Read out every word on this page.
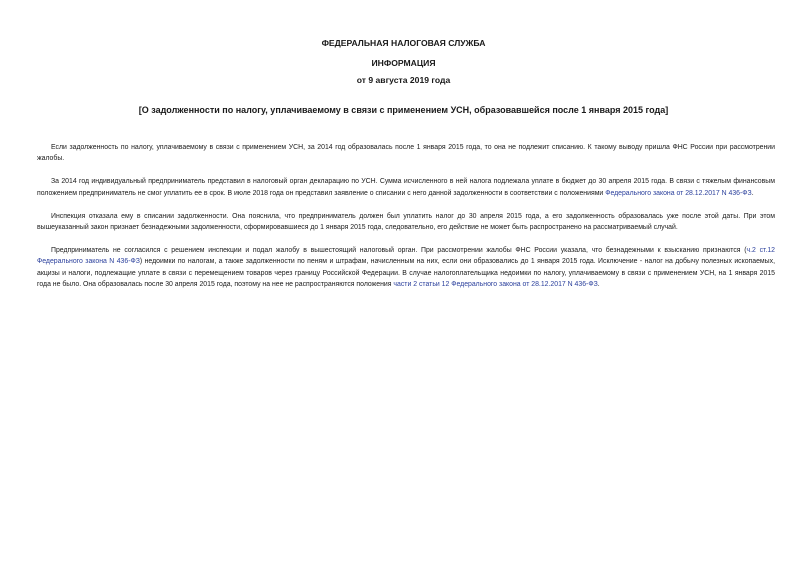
ФЕДЕРАЛЬНАЯ НАЛОГОВАЯ СЛУЖБА
ИНФОРМАЦИЯ
от 9 августа 2019 года
[О задолженности по налогу, уплачиваемому в связи с применением УСН, образовавшейся после 1 января 2015 года]

Если задолженность по налогу, уплачиваемому в связи с применением УСН, за 2014 год образовалась после 1 января 2015 года, то она не подлежит списанию. К такому выводу пришла ФНС России при рассмотрении жалобы.

За 2014 год индивидуальный предприниматель представил в налоговый орган декларацию по УСН. Сумма исчисленного в ней налога подлежала уплате в бюджет до 30 апреля 2015 года. В связи с тяжелым финансовым положением предприниматель не смог уплатить ее в срок. В июле 2018 года он представил заявление о списании с него данной задолженности в соответствии с положениями Федерального закона от 28.12.2017 N 436-ФЗ.

Инспекция отказала ему в списании задолженности. Она пояснила, что предприниматель должен был уплатить налог до 30 апреля 2015 года, а его задолженность образовалась уже после этой даты. При этом вышеуказанный закон признает безнадежными задолженности, сформировавшиеся до 1 января 2015 года, следовательно, его действие не может быть распространено на рассматриваемый случай.

Предприниматель не согласился с решением инспекции и подал жалобу в вышестоящий налоговый орган. При рассмотрении жалобы ФНС России указала, что безнадежными к взысканию признаются (ч.2 ст.12 Федерального закона N 436-ФЗ) недоимки по налогам, а также задолженности по пеням и штрафам, начисленным на них, если они образовались до 1 января 2015 года. Исключение - налог на добычу полезных ископаемых, акцизы и налоги, подлежащие уплате в связи с перемещением товаров через границу Российской Федерации. В случае налогоплательщика недоимки по налогу, уплачиваемому в связи с применением УСН, на 1 января 2015 года не было. Она образовалась после 30 апреля 2015 года, поэтому на нее не распространяются положения части 2 статьи 12 Федерального закона от 28.12.2017 N 436-ФЗ.
